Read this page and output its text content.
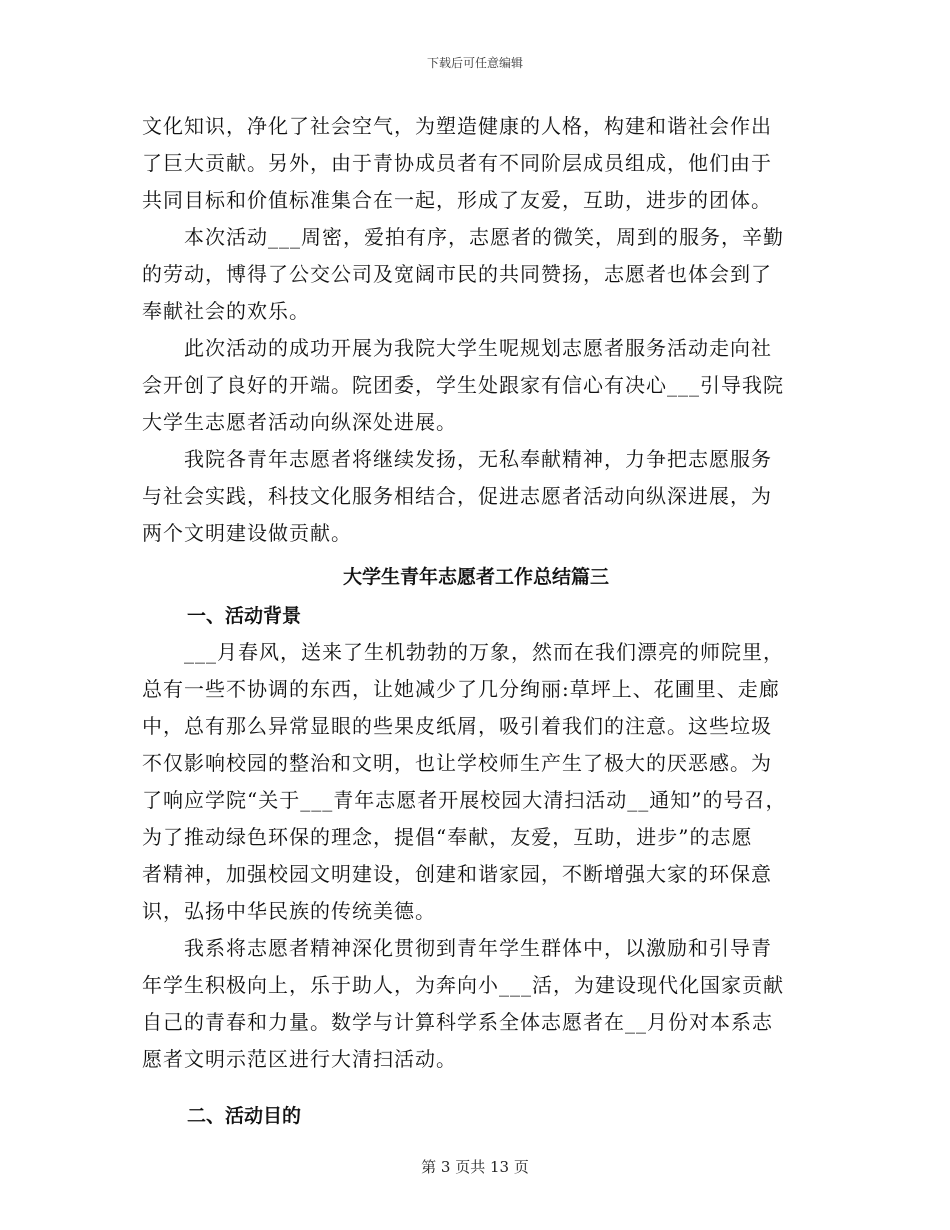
下载后可任意编辑
文化知识，净化了社会空气，为塑造健康的人格，构建和谐社会作出
了巨大贡献。另外，由于青协成员者有不同阶层成员组成，他们由于
共同目标和价值标准集合在一起，形成了友爱，互助，进步的团体。
本次活动___周密，爱拍有序，志愿者的微笑，周到的服务，辛勤
的劳动，博得了公交公司及宽阔市民的共同赞扬，志愿者也体会到了
奉献社会的欢乐。
此次活动的成功开展为我院大学生呢规划志愿者服务活动走向社
会开创了良好的开端。院团委，学生处跟家有信心有决心___引导我院
大学生志愿者活动向纵深处进展。
我院各青年志愿者将继续发扬，无私奉献精神，力争把志愿服务
与社会实践，科技文化服务相结合，促进志愿者活动向纵深进展，为
两个文明建设做贡献。
大学生青年志愿者工作总结篇三
一、活动背景
___月春风，送来了生机勃勃的万象，然而在我们漂亮的师院里，
总有一些不协调的东西，让她减少了几分绚丽:草坪上、花圃里、走廊
中，总有那么异常显眼的些果皮纸屑，吸引着我们的注意。这些垃圾
不仅影响校园的整治和文明，也让学校师生产生了极大的厌恶感。为
了响应学院“关于___青年志愿者开展校园大清扫活动__通知”的号召，
为了推动绿色环保的理念，提倡“奉献，友爱，互助，进步”的志愿
者精神，加强校园文明建设，创建和谐家园，不断增强大家的环保意
识，弘扬中华民族的传统美德。
我系将志愿者精神深化贯彻到青年学生群体中，以激励和引导青
年学生积极向上，乐于助人，为奔向小___活，为建设现代化国家贡献
自己的青春和力量。数学与计算科学系全体志愿者在__月份对本系志
愿者文明示范区进行大清扫活动。
二、活动目的
第 3 页共 13 页
